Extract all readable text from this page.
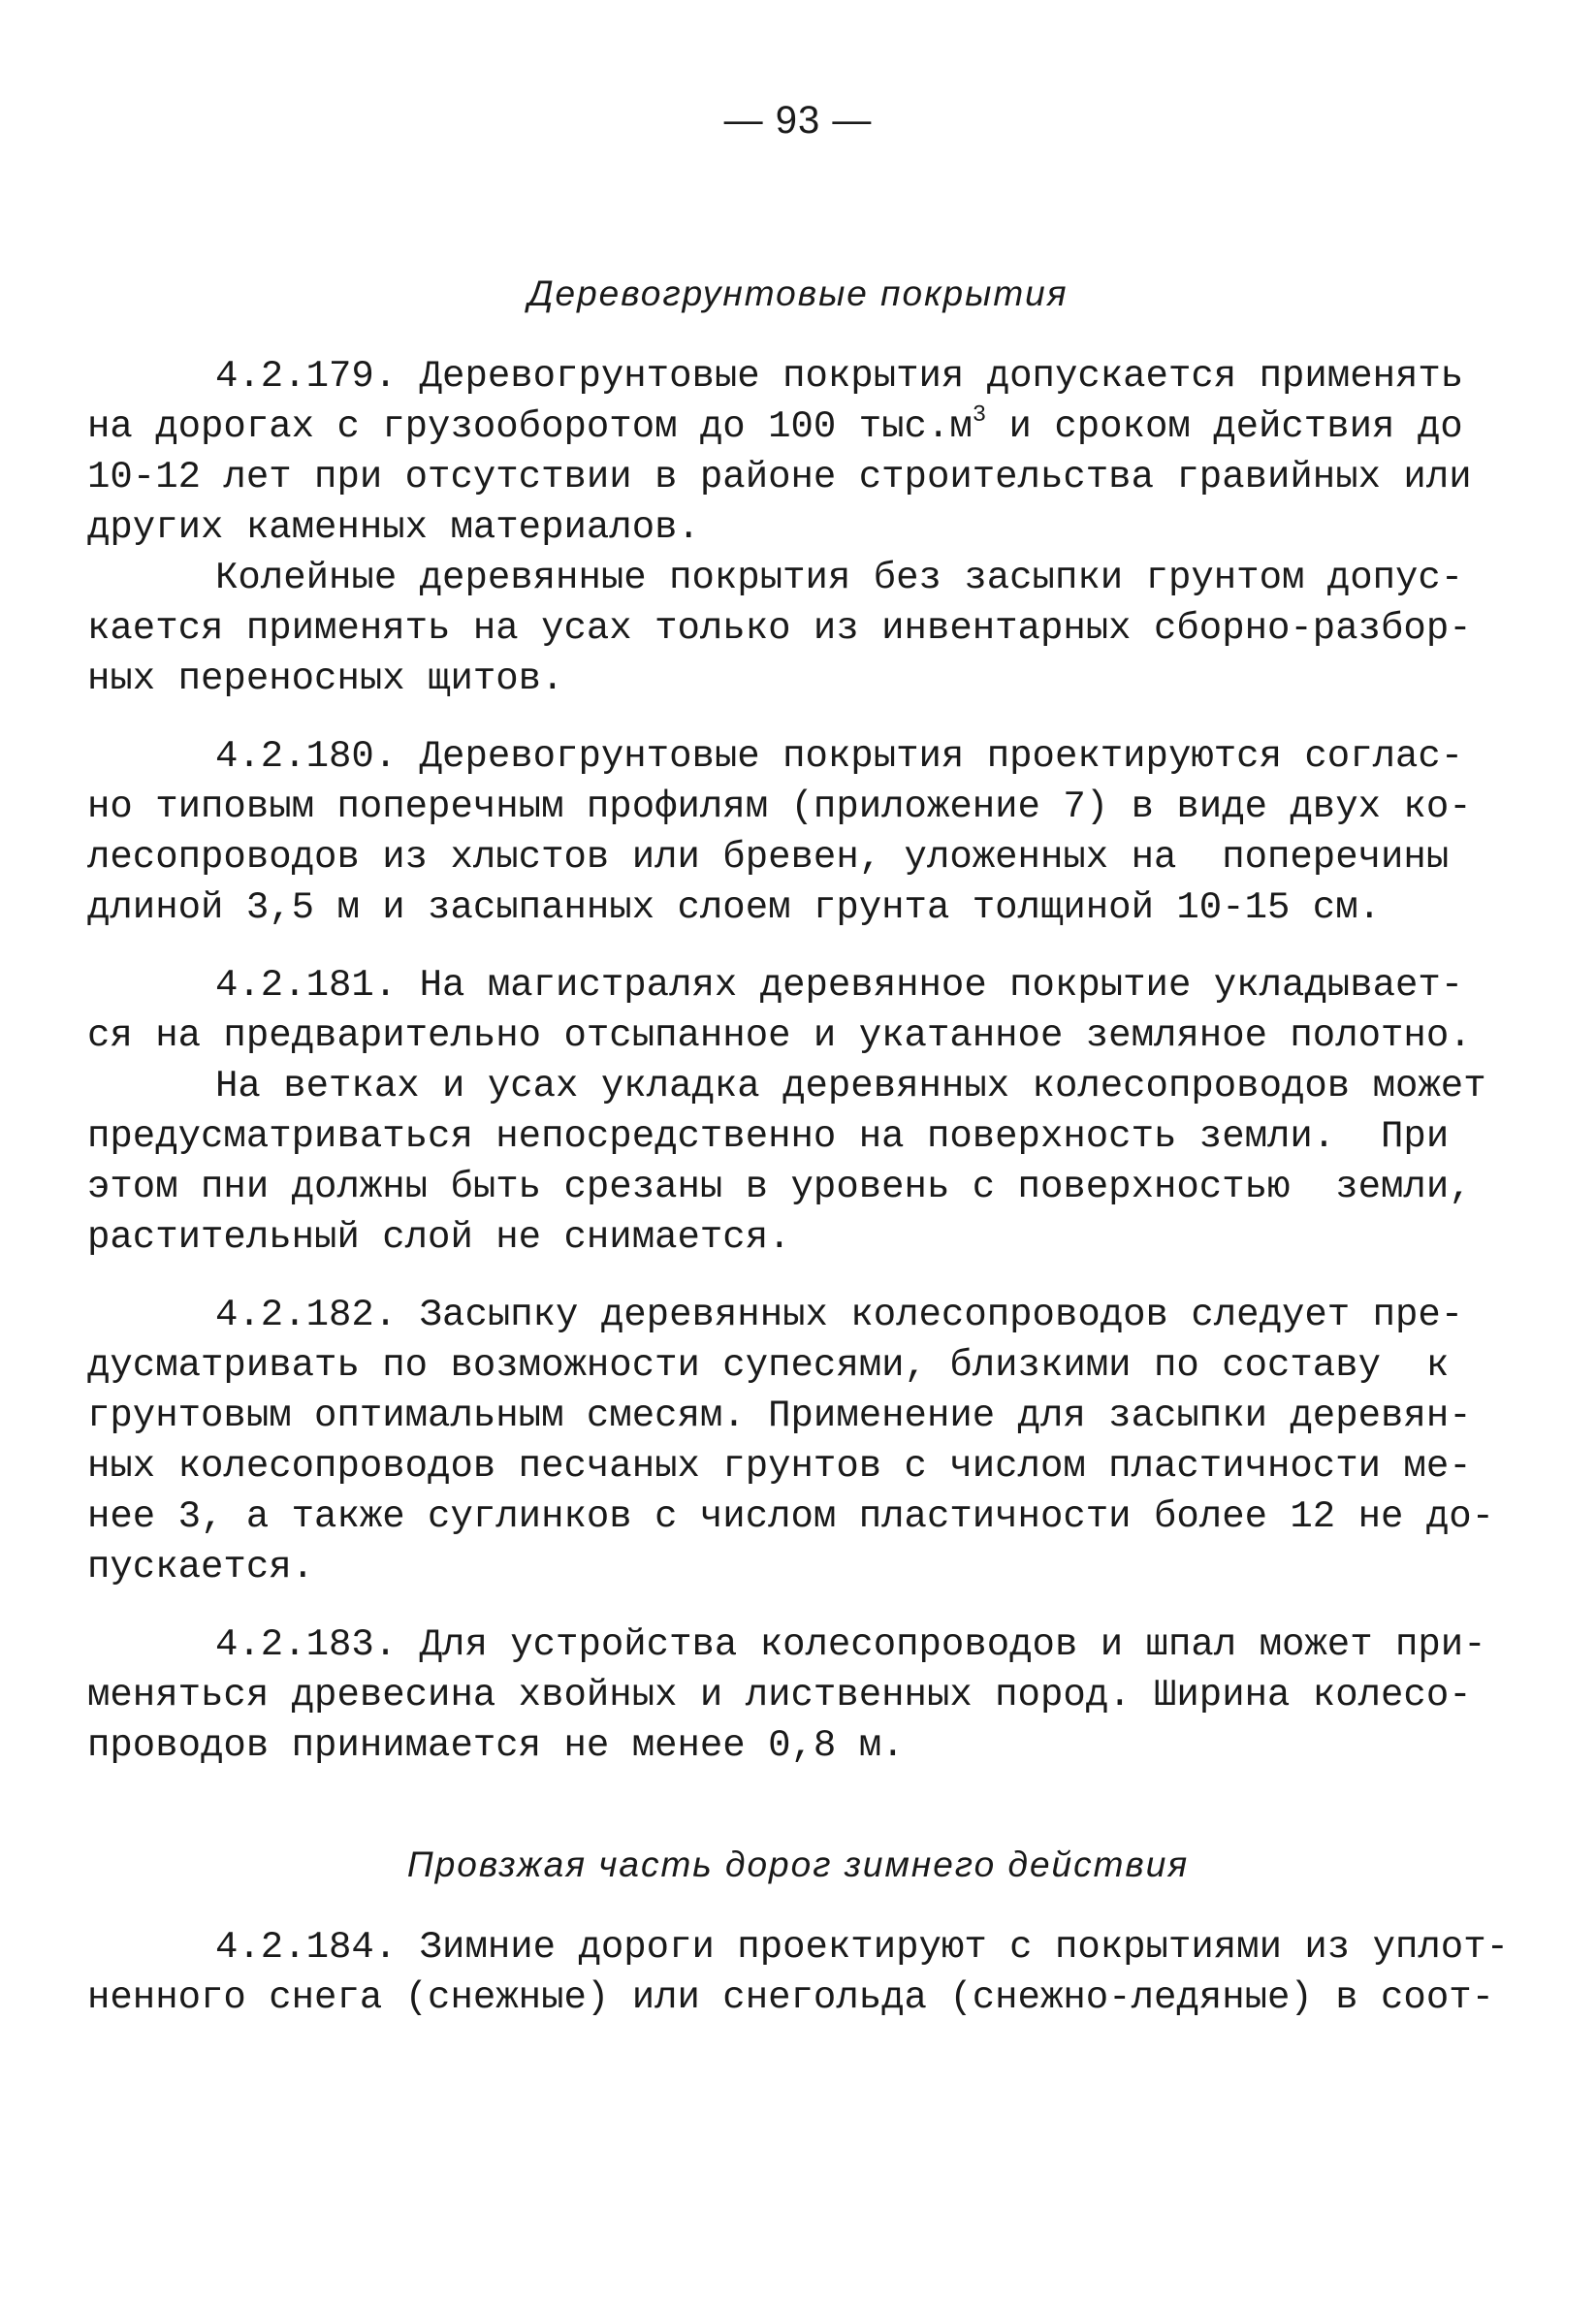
— 93 —
Деревогрунтовые покрытия
4.2.179. Деревогрунтовые покрытия допускается применять
на дорогах с грузооборотом до 100 $тыс.м^3$ и сроком действия до
10-12 лет при отсутствии в районе строительства гравийных или
других каменных материалов.
Колейные деревянные покрытия без засыпки грунтом допус-
кается применять на усах только из инвентарных сборно-разбор-
ных переносных щитов.
4.2.180. Деревогрунтовые покрытия проектируются соглас-
но типовым поперечным профилям (приложение 7) в виде двух ко-
лесопроводов из хлыстов или бревен, уложенных на  поперечины
длиной 3,5 м и засыпанных слоем грунта толщиной 10-15 см.
4.2.181. На магистралях деревянное покрытие укладывает-
ся на предварительно отсыпанное и укатанное земляное полотно.
На ветках и усах укладка деревянных колесопроводов может
предусматриваться непосредственно на поверхность земли.  При
этом пни должны быть срезаны в уровень с поверхностью  земли,
растительный слой не снимается.
4.2.182. Засыпку деревянных колесопроводов следует пре-
дусматривать по возможности супесями, близкими по составу  к
грунтовым оптимальным смесям. Применение для засыпки деревян-
ных колесопроводов песчаных грунтов с числом пластичности ме-
нее 3, а также суглинков с числом пластичности более 12 не до-
пускается.
4.2.183. Для устройства колесопроводов и шпал может при-
меняться древесина хвойных и лиственных пород. Ширина колесо-
проводов принимается не менее 0,8 м.
Провзжая часть дорог зимнего действия
4.2.184. Зимние дороги проектируют с покрытиями из уплот-
ненного снега (снежные) или снегольда (снежно-ледяные) в соот-
